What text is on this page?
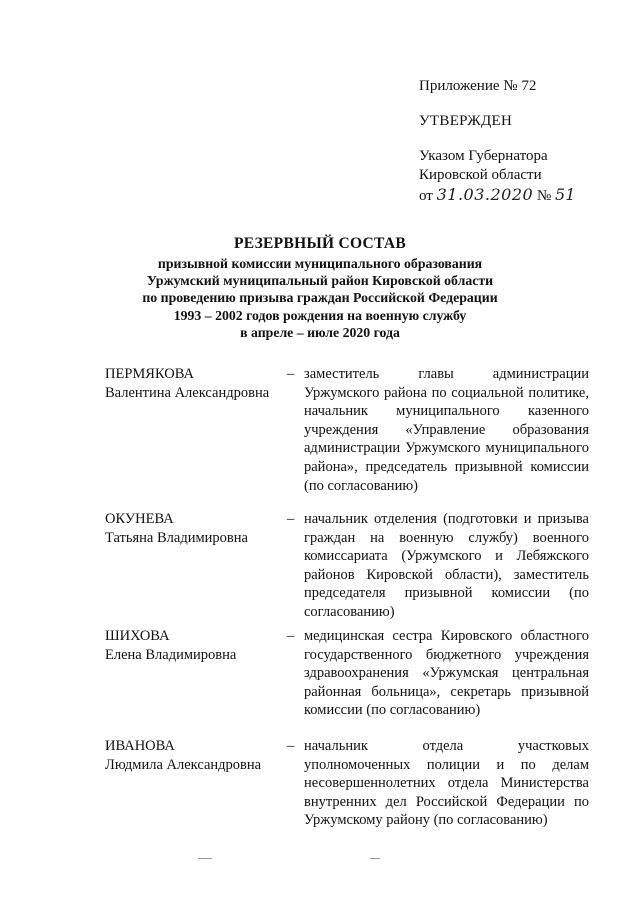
Приложение № 72
УТВЕРЖДЕН
Указом Губернатора
Кировской области
от 31.03.2020 № 51
РЕЗЕРВНЫЙ СОСТАВ
призывной комиссии муниципального образования
Уржумский муниципальный район Кировской области
по проведению призыва граждан Российской Федерации
1993 – 2002 годов рождения на военную службу
в апреле – июле 2020 года
ПЕРМЯКОВА
Валентина Александровна
– заместитель главы администрации Уржумского района по социальной политике, начальник муниципального казенного учреждения «Управление образования администрации Уржумского муниципального района», председатель призывной комиссии (по согласованию)
ОКУНЕВА
Татьяна Владимировна
– начальник отделения (подготовки и призыва граждан на военную службу) военного комиссариата (Уржумского и Лебяжского районов Кировской области), заместитель председателя призывной комиссии (по согласованию)
ШИХОВА
Елена Владимировна
– медицинская сестра Кировского областного государственного бюджетного учреждения здравоохранения «Уржумская центральная районная больница», секретарь призывной комиссии (по согласованию)
ИВАНОВА
Людмила Александровна
– начальник отдела участковых уполномоченных полиции и по делам несовершеннолетних отдела Министерства внутренних дел Российской Федерации по Уржумскому району (по согласованию)
